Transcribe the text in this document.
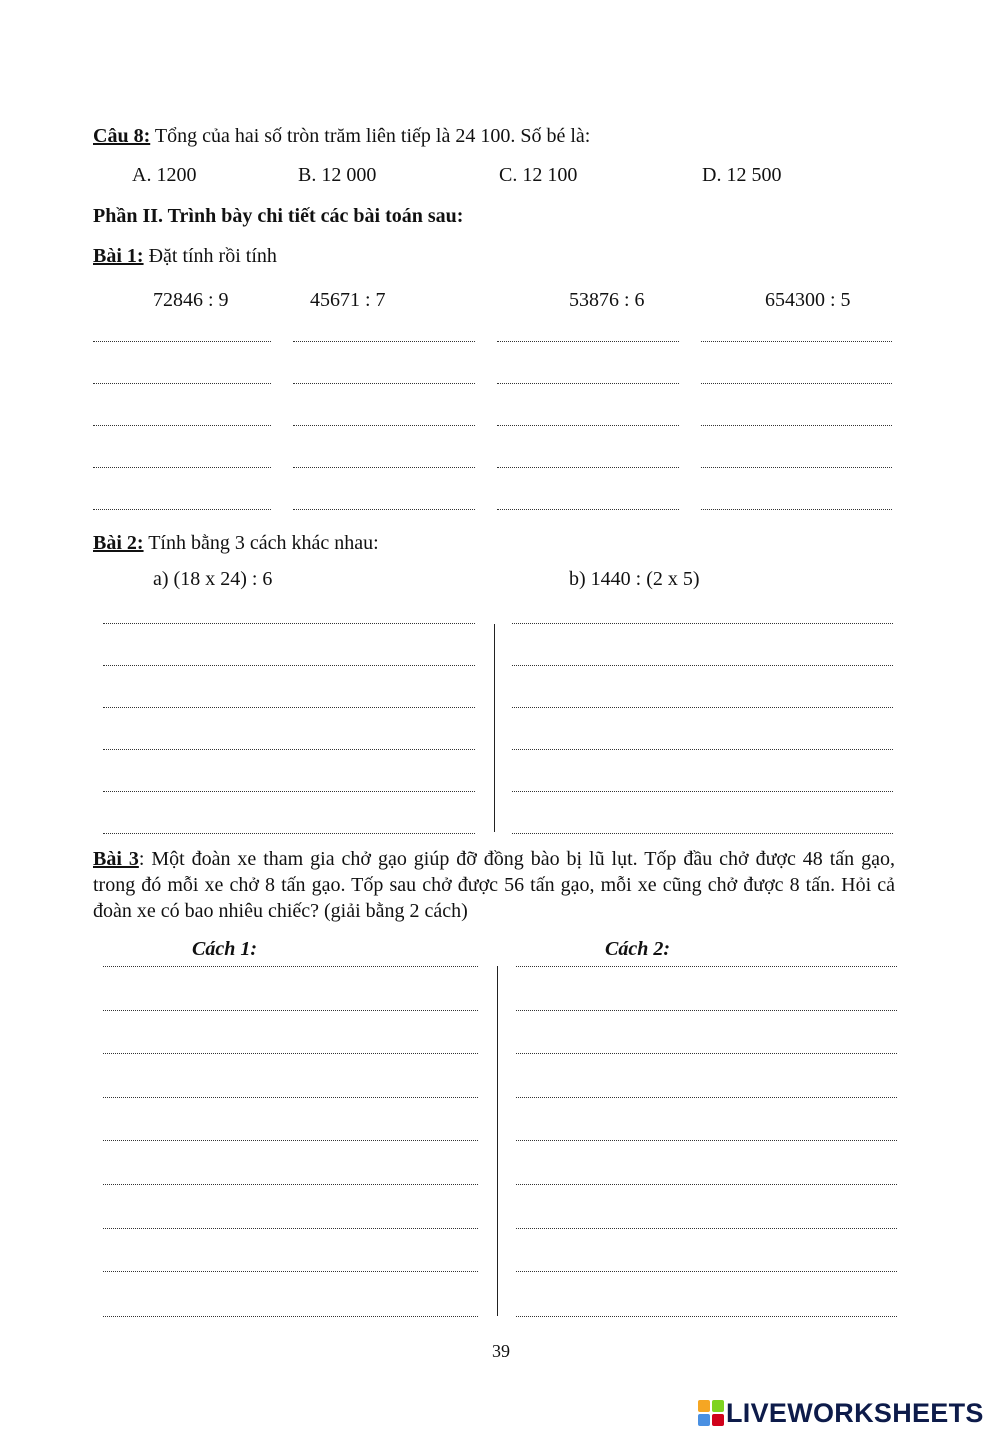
Câu 8: Tổng của hai số tròn trăm liên tiếp là 24 100. Số bé là:
A. 1200	B. 12 000	C. 12 100	D. 12 500
Phần II. Trình bày chi tiết các bài toán sau:
Bài 1: Đặt tính rồi tính
72846 : 9	45671 : 7	53876 : 6	654300 : 5
Bài 2: Tính bằng 3 cách khác nhau:
a) (18 x 24) : 6	b) 1440 : (2 x 5)
Bài 3: Một đoàn xe tham gia chở gạo giúp đỡ đồng bào bị lũ lụt. Tốp đầu chở được 48 tấn gạo, trong đó mỗi xe chở 8 tấn gạo. Tốp sau chở được 56 tấn gạo, mỗi xe cũng chở được 8 tấn. Hỏi cả đoàn xe có bao nhiêu chiếc? (giải bằng 2 cách)
Cách 1:	Cách 2:
39
LIVEWORKSHEETS
